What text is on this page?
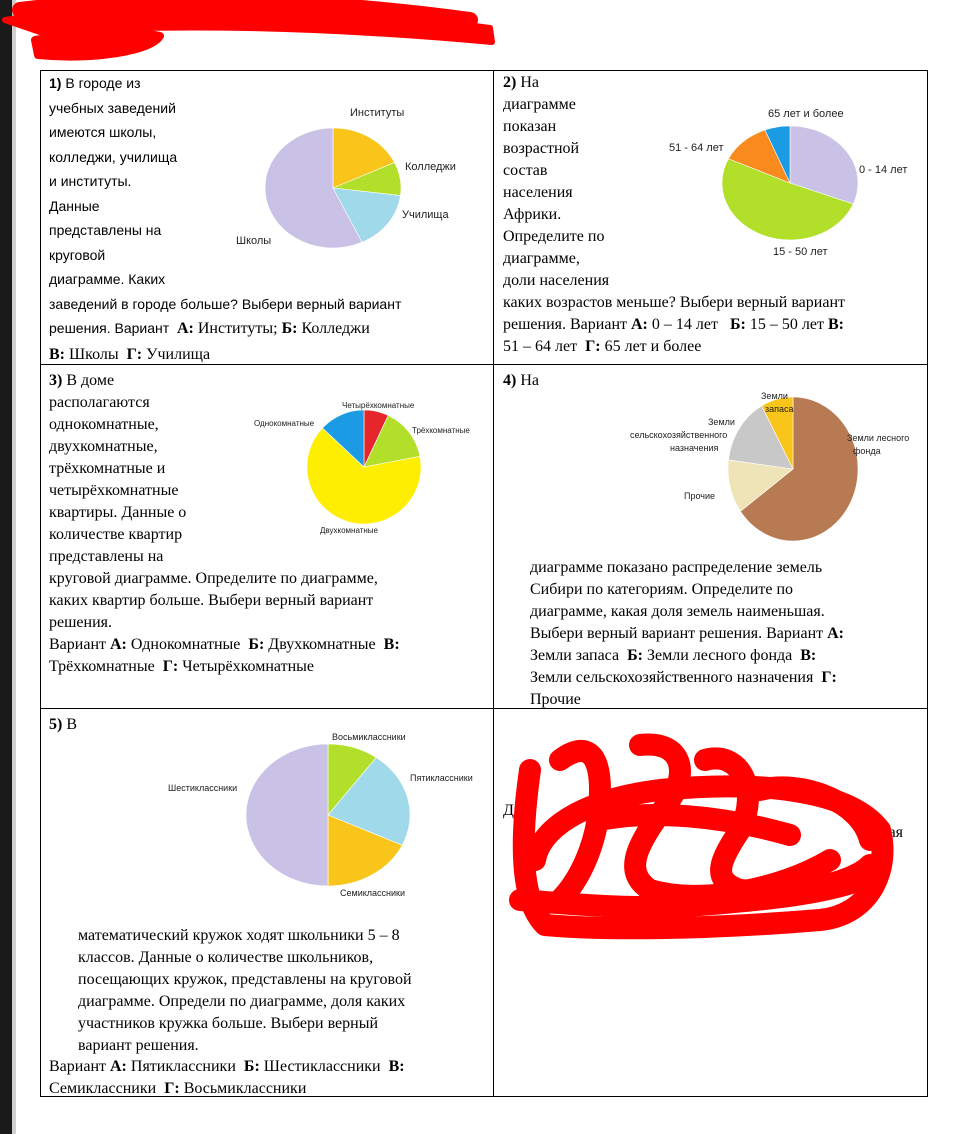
1) В городе из
учебных заведений
имеются школы,
колледжи, училища
и институты.
Данные
представлены на
круговой
диаграмме. Каких
заведений в городе больше? Выбери верный вариант
решения. Вариант А: Институты; Б: Колледжи
В: Школы Г: Училища
Институты
Колледжи
Училища
Школы
2) На
диаграмме
показан
возрастной
состав
населения
Африки.
Определите по
диаграмме,
доли населения
каких возрастов меньше? Выбери верный вариант
решения. Вариант А: 0 – 14 лет Б: 15 – 50 лет В:
51 – 64 лет Г: 65 лет и более
65 лет и более
51 - 64 лет
0 - 14 лет
15 - 50 лет
3) В доме
располагаются
однокомнатные,
двухкомнатные,
трёхкомнатные и
четырёхкомнатные
квартиры. Данные о
количестве квартир
представлены на
круговой диаграмме. Определите по диаграмме,
каких квартир больше. Выбери верный вариант
решения.
Вариант А: Однокомнатные Б: Двухкомнатные В:
Трёхкомнатные Г: Четырёхкомнатные
Четырёхкомнатные
Трёхкомнатные
Двухкомнатные
Однокомнатные
4) На
диаграмме показано распределение земель
Сибири по категориям. Определите по
диаграмме, какая доля земель наименьшая.
Выбери верный вариант решения. Вариант А:
Земли запаса Б: Земли лесного фонда В:
Земли сельскохозяйственного назначения Г:
Прочие
Земли
запаса
Земли
сельскохозяйственного
назначения
Земли лесного
фонда
Прочие
5) В
математический кружок ходят школьники 5 – 8
классов. Данные о количестве школьников,
посещающих кружок, представлены на круговой
диаграмме. Определи по диаграмме, доля каких
участников кружка больше. Выбери верный
вариант решения.
Вариант А: Пятиклассники Б: Шестиклассники В:
Семиклассники Г: Восьмиклассники
Восьмиклассники
Пятиклассники
Семиклассники
Шестиклассники
Д
оторая
